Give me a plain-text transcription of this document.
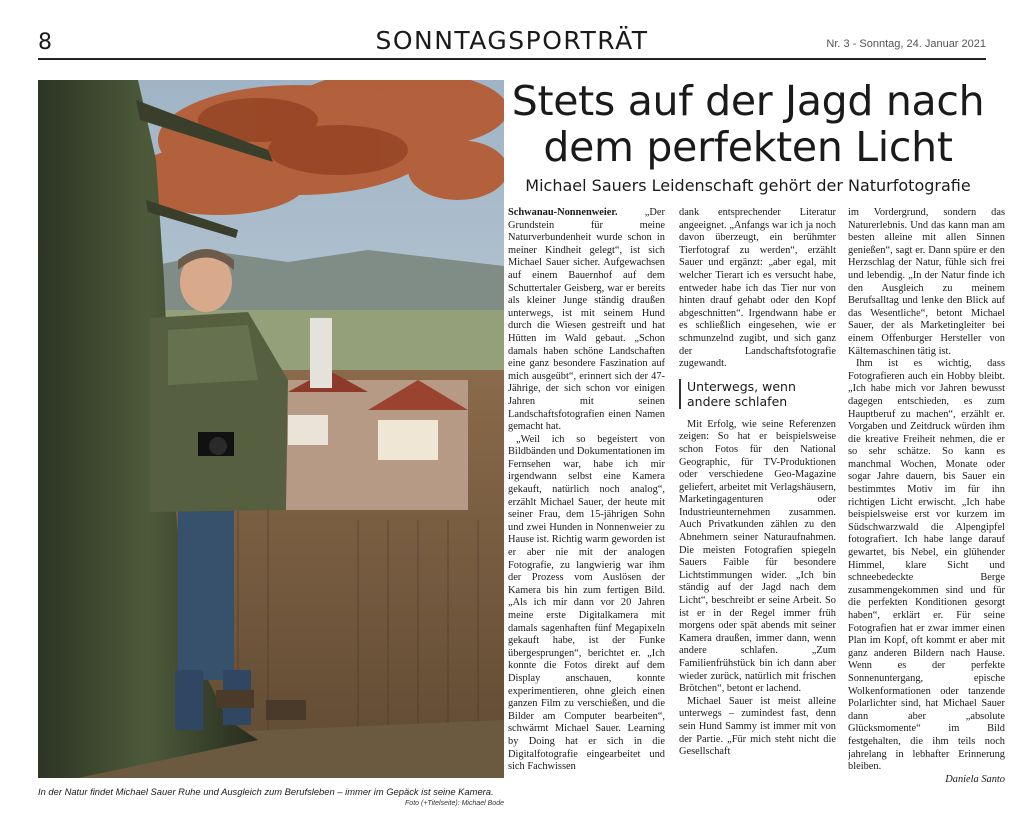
8	SONNTAGSPORTRÄT	Nr. 3 - Sonntag, 24. Januar 2021
In der Natur findet Michael Sauer Ruhe und Ausgleich zum Berufsleben – immer im Gepäck ist seine Kamera.
Foto (+Titelseite): Michael Bode
Stets auf der Jagd nach dem perfekten Licht
Michael Sauers Leidenschaft gehört der Naturfotografie

Schwanau-Nonnenweier.	„Der Grundstein für meine Naturverbundenheit wurde schon in meiner Kindheit gelegt“, ist sich Michael Sauer sicher. Aufgewachsen auf einem Bauernhof auf dem Schuttertaler Geisberg, war er bereits als kleiner Junge ständig draußen unterwegs, ist mit seinem Hund durch die Wiesen gestreift und hat Hütten im Wald gebaut. „Schon damals haben schöne Landschaften eine ganz besondere Faszination auf mich ausgeübt“, erinnert sich der 47-Jährige, der sich schon vor einigen Jahren mit seinen Landschaftsfotografien einen Namen gemacht hat.

„Weil ich so begeistert von Bildbänden und Dokumentationen im Fernsehen war, habe ich mir irgendwann selbst eine Kamera gekauft, natürlich noch analog“, erzählt Michael Sauer, der heute mit seiner Frau, dem 15-jährigen Sohn und zwei Hunden in Nonnenweier zu Hause ist. Richtig warm geworden ist er aber nie mit der analogen Fotografie, zu langwierig war ihm der Prozess vom Auslösen der Kamera bis hin zum fertigen Bild. „Als ich mir dann vor 20 Jahren meine erste Digitalkamera mit damals sagenhaften fünf Megapixeln gekauft habe, ist der Funke übergesprungen“, berichtet er. „Ich konnte die Fotos direkt auf dem Display anschauen, konnte experimentieren, ohne gleich einen ganzen Film zu verschießen, und die Bilder am Computer bearbeiten“, schwärmt Michael Sauer. Learning by Doing hat er sich in die Digitalfotografie eingearbeitet und sich Fachwissen

dank entsprechender Literatur angeeignet. „Anfangs war ich ja noch davon überzeugt, ein berühmter Tierfotograf zu werden“, erzählt Sauer und ergänzt: „aber egal, mit welcher Tierart ich es versucht habe, entweder habe ich das Tier nur von hinten drauf gehabt oder den Kopf abgeschnitten“. Irgendwann habe er es schließlich eingesehen, wie er schmunzelnd zugibt, und sich ganz der Landschaftsfotografie zugewandt.

Unterwegs, wenn andere schlafen

Mit Erfolg, wie seine Referenzen zeigen: So hat er beispielsweise schon Fotos für den National Geographic, für TV-Produktionen oder verschiedene Geo-Magazine geliefert, arbeitet mit Verlagshäusern, Marketingagenturen oder Industrieunternehmen zusammen. Auch Privatkunden zählen zu den Abnehmern seiner Naturaufnahmen. Die meisten Fotografien spiegeln Sauers Faible für besondere Lichtstimmungen wider. „Ich bin ständig auf der Jagd nach dem Licht“, beschreibt er seine Arbeit. So ist er in der Regel immer früh morgens oder spät abends mit seiner Kamera draußen, immer dann, wenn andere schlafen. „Zum Familienfrühstück bin ich dann aber wieder zurück, natürlich mit frischen Brötchen“, betont er lachend.

Michael Sauer ist meist alleine unterwegs – zumindest fast, denn sein Hund Sammy ist immer mit von der Partie. „Für mich steht nicht die Gesellschaft

im Vordergrund, sondern das Naturerlebnis. Und das kann man am besten alleine mit allen Sinnen genießen“, sagt er. Dann spüre er den Herzschlag der Natur, fühle sich frei und lebendig. „In der Natur finde ich den Ausgleich zu meinem Berufsalltag und lenke den Blick auf das Wesentliche“, betont Michael Sauer, der als Marketingleiter bei einem Offenburger Hersteller von Kältemaschinen tätig ist.

Ihm ist es wichtig, dass Fotografieren auch ein Hobby bleibt. „Ich habe mich vor Jahren bewusst dagegen entschieden, es zum Hauptberuf zu machen“, erzählt er. Vorgaben und Zeitdruck würden ihm die kreative Freiheit nehmen, die er so sehr schätze. So kann es manchmal Wochen, Monate oder sogar Jahre dauern, bis Sauer ein bestimmtes Motiv im für ihn richtigen Licht erwischt. „Ich habe beispielsweise erst vor kurzem im Südschwarzwald die Alpengipfel fotografiert. Ich habe lange darauf gewartet, bis Nebel, ein glühender Himmel, klare Sicht und schneebedeckte Berge zusammengekommen sind und für die perfekten Konditionen gesorgt haben“, erklärt er. Für seine Fotografien hat er zwar immer einen Plan im Kopf, oft kommt er aber mit ganz anderen Bildern nach Hause. Wenn es der perfekte Sonnenuntergang, epische Wolkenformationen oder tanzende Polarlichter sind, hat Michael Sauer dann aber „absolute Glücksmomente“ im Bild festgehalten, die ihm teils noch jahrelang in lebhafter Erinnerung bleiben.

Daniela Santo
